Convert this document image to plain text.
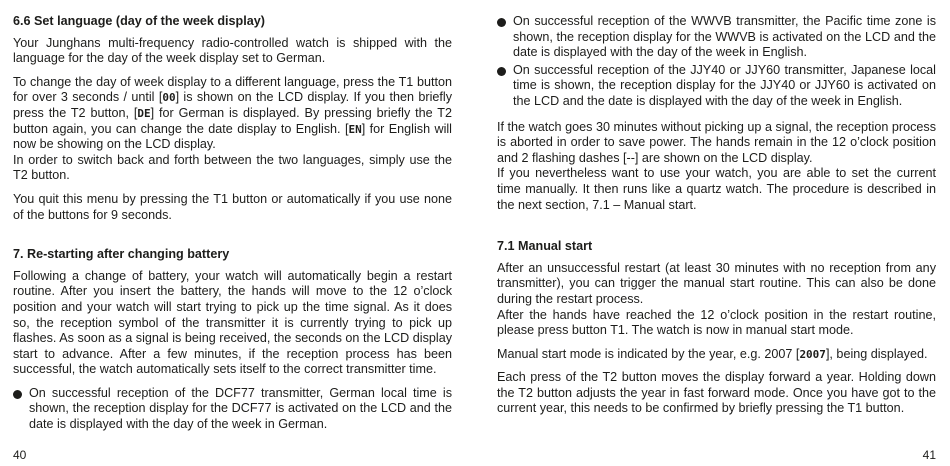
6.6 Set language (day of the week display)

Your Junghans multi-frequency radio-controlled watch is shipped with the language for the day of the week display set to German.

To change the day of week display to a different language, press the T1 button for over 3 seconds / until [00] is shown on the LCD display. If you then briefly press the T2 button, [DE] for German is displayed. By pressing briefly the T2 button again, you can change the date display to English. [EN] for English will now be showing on the LCD display.

In order to switch back and forth between the two languages, simply use the T2 button.

You quit this menu by pressing the T1 button or automatically if you use none of the buttons for 9 seconds.

7. Re-starting after changing battery

Following a change of battery, your watch will automatically begin a restart routine. After you insert the battery, the hands will move to the 12 o’clock position and your watch will start trying to pick up the time signal. As it does so, the reception symbol of the transmitter it is currently trying to pick up flashes. As soon as a signal is being received, the seconds on the LCD display start to advance. After a few minutes, if the reception process has been successful, the watch automatically sets itself to the correct transmitter time.

On successful reception of the DCF77 transmitter, German local time is shown, the reception display for the DCF77 is activated on the LCD and the date is displayed with the day of the week in German.
On successful reception of the WWVB transmitter, the Pacific time zone is shown, the reception display for the WWVB is activated on the LCD and the date is displayed with the day of the week in English.
On successful reception of the JJY40 or JJY60 transmitter, Japanese local time is shown, the reception display for the JJY40 or JJY60 is activated on the LCD and the date is displayed with the day of the week in English.

If the watch goes 30 minutes without picking up a signal, the reception process is aborted in order to save power. The hands remain in the 12 o’clock position and 2 flashing dashes [--] are shown on the LCD display.

If you nevertheless want to use your watch, you are able to set the current time manually. It then runs like a quartz watch. The procedure is described in the next section, 7.1 – Manual start.

7.1 Manual start

After an unsuccessful restart (at least 30 minutes with no reception from any transmitter), you can trigger the manual start routine. This can also be done during the restart process.

After the hands have reached the 12 o’clock position in the restart routine, please press button T1. The watch is now in manual start mode.

Manual start mode is indicated by the year, e.g. 2007 [2007], being displayed.

Each press of the T2 button moves the display forward a year. Holding down the T2 button adjusts the year in fast forward mode. Once you have got to the current year, this needs to be confirmed by briefly pressing the T1 button.

40	41
